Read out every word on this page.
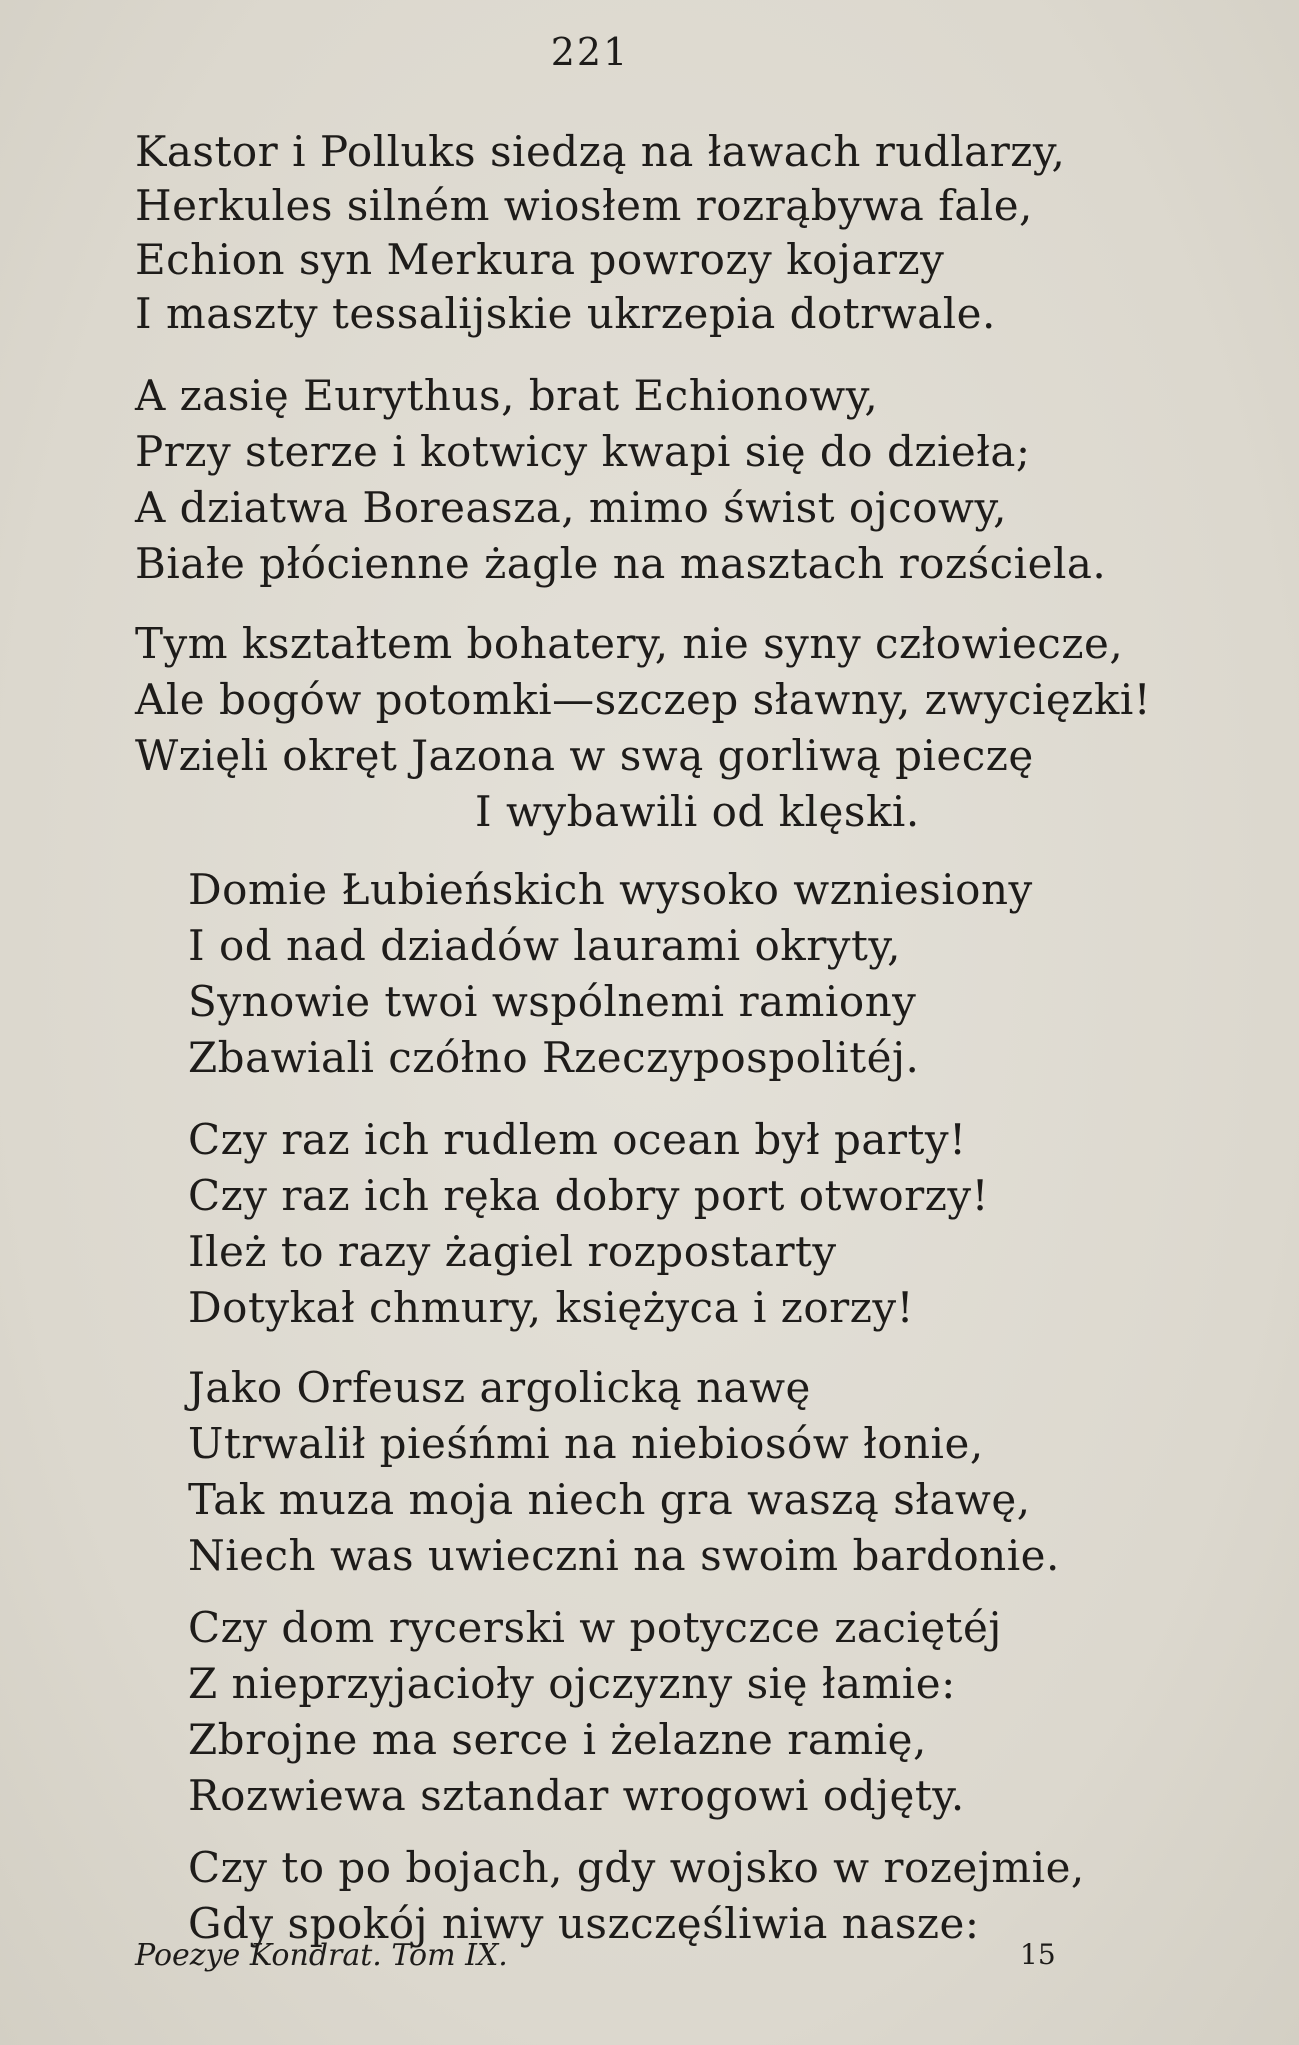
221
Kastor i Polluks siedzą na ławach rudlarzy,
Herkules silném wiosłem rozrąbywa fale,
Echion syn Merkura powrozy kojarzy
I maszty tessalijskie ukrzepia dotrwale.
A zasię Eurythus, brat Echionowy,
Przy sterze i kotwicy kwapi się do dzieła;
A dziatwa Boreasza, mimo świst ojcowy,
Białe płócienne żagle na masztach rozściela.
Tym kształtem bohatery, nie syny człowiecze,
Ale bogów potomki—szczep sławny, zwycięzki!
Wzięli okręt Jazona w swą gorliwą pieczę
I wybawili od klęski.
Domie Łubieńskich wysoko wzniesiony
I od nad dziadów laurami okryty,
Synowie twoi wspólnemi ramiony
Zbawiali czółno Rzeczypospolitéj.
Czy raz ich rudlem ocean był party!
Czy raz ich ręka dobry port otworzy!
Ileż to razy żagiel rozpostarty
Dotykał chmury, księżyca i zorzy!
Jako Orfeusz argolicką nawę
Utrwalił pieśńmi na niebiosów łonie,
Tak muza moja niech gra waszą sławę,
Niech was uwieczni na swoim bardonie.
Czy dom rycerski w potyczce zaciętéj
Z nieprzyjacioły ojczyzny się łamie:
Zbrojne ma serce i żelazne ramię,
Rozwiewa sztandar wrogowi odjęty.
Czy to po bojach, gdy wojsko w rozejmie,
Gdy spokój niwy uszczęśliwia nasze:
Poezye Kondrat. Tom IX.	15
